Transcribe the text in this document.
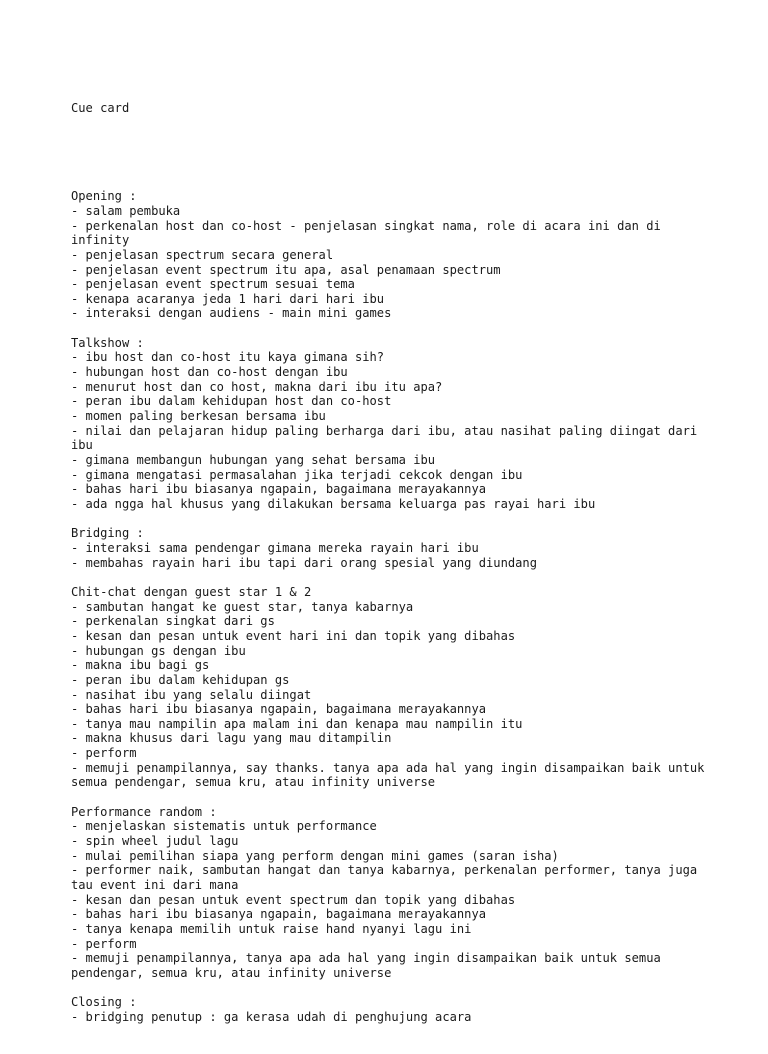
Cue card

Opening :
- salam pembuka
- perkenalan host dan co-host - penjelasan singkat nama, role di acara ini dan di infinity
- penjelasan spectrum secara general
- penjelasan event spectrum itu apa, asal penamaan spectrum
- penjelasan event spectrum sesuai tema
- kenapa acaranya jeda 1 hari dari hari ibu
- interaksi dengan audiens - main mini games
Talkshow :
- ibu host dan co-host itu kaya gimana sih?
- hubungan host dan co-host dengan ibu
- menurut host dan co host, makna dari ibu itu apa?
- peran ibu dalam kehidupan host dan co-host
- momen paling berkesan bersama ibu
- nilai dan pelajaran hidup paling berharga dari ibu, atau nasihat paling diingat dari ibu
- gimana membangun hubungan yang sehat bersama ibu
- gimana mengatasi permasalahan jika terjadi cekcok dengan ibu
- bahas hari ibu biasanya ngapain, bagaimana merayakannya
- ada ngga hal khusus yang dilakukan bersama keluarga pas rayai hari ibu
Bridging :
- interaksi sama pendengar gimana mereka rayain hari ibu
- membahas rayain hari ibu tapi dari orang spesial yang diundang
Chit-chat dengan guest star 1 & 2
- sambutan hangat ke guest star, tanya kabarnya
- perkenalan singkat dari gs
- kesan dan pesan untuk event hari ini dan topik yang dibahas
- hubungan gs dengan ibu
- makna ibu bagi gs
- peran ibu dalam kehidupan gs
- nasihat ibu yang selalu diingat
- bahas hari ibu biasanya ngapain, bagaimana merayakannya
- tanya mau nampilin apa malam ini dan kenapa mau nampilin itu
- makna khusus dari lagu yang mau ditampilin
- perform
- memuji penampilannya, say thanks. tanya apa ada hal yang ingin disampaikan baik untuk semua pendengar, semua kru, atau infinity universe
Performance random :
- menjelaskan sistematis untuk performance
- spin wheel judul lagu
- mulai pemilihan siapa yang perform dengan mini games (saran isha)
- performer naik, sambutan hangat dan tanya kabarnya, perkenalan performer, tanya juga tau event ini dari mana
- kesan dan pesan untuk event spectrum dan topik yang dibahas
- bahas hari ibu biasanya ngapain, bagaimana merayakannya
- tanya kenapa memilih untuk raise hand nyanyi lagu ini
- perform
- memuji penampilannya, tanya apa ada hal yang ingin disampaikan baik untuk semua pendengar, semua kru, atau infinity universe
Closing :
- bridging penutup : ga kerasa udah di penghujung acara
